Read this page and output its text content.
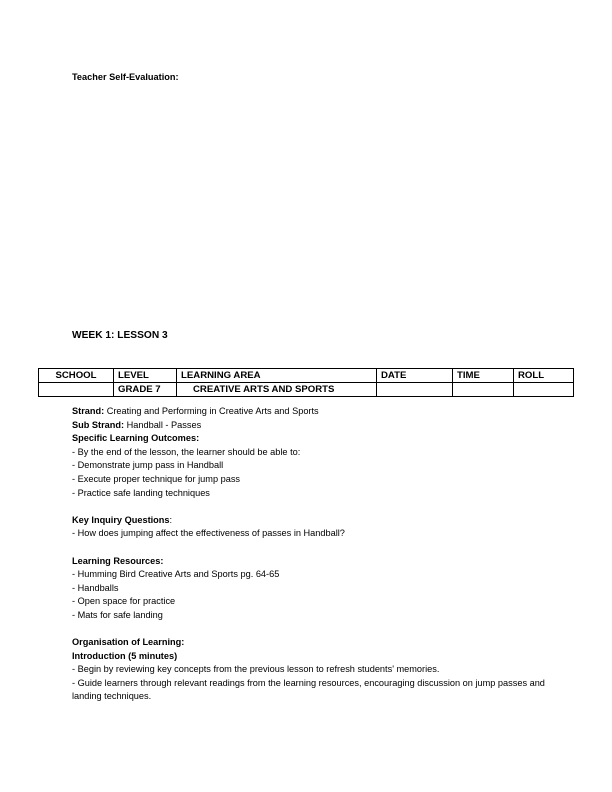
Teacher Self-Evaluation:
WEEK 1: LESSON 3
SCHOOL	LEVEL	LEARNING AREA	DATE	TIME	ROLL
	GRADE 7	CREATIVE ARTS AND SPORTS			
Strand: Creating and Performing in Creative Arts and Sports
Sub Strand: Handball - Passes
Specific Learning Outcomes:
- By the end of the lesson, the learner should be able to:
- Demonstrate jump pass in Handball
- Execute proper technique for jump pass
- Practice safe landing techniques
Key Inquiry Questions:
- How does jumping affect the effectiveness of passes in Handball?
Learning Resources:
- Humming Bird Creative Arts and Sports pg. 64-65
- Handballs
- Open space for practice
- Mats for safe landing
Organisation of Learning:
Introduction (5 minutes)
- Begin by reviewing key concepts from the previous lesson to refresh students' memories.
- Guide learners through relevant readings from the learning resources, encouraging discussion on jump passes and landing techniques.
